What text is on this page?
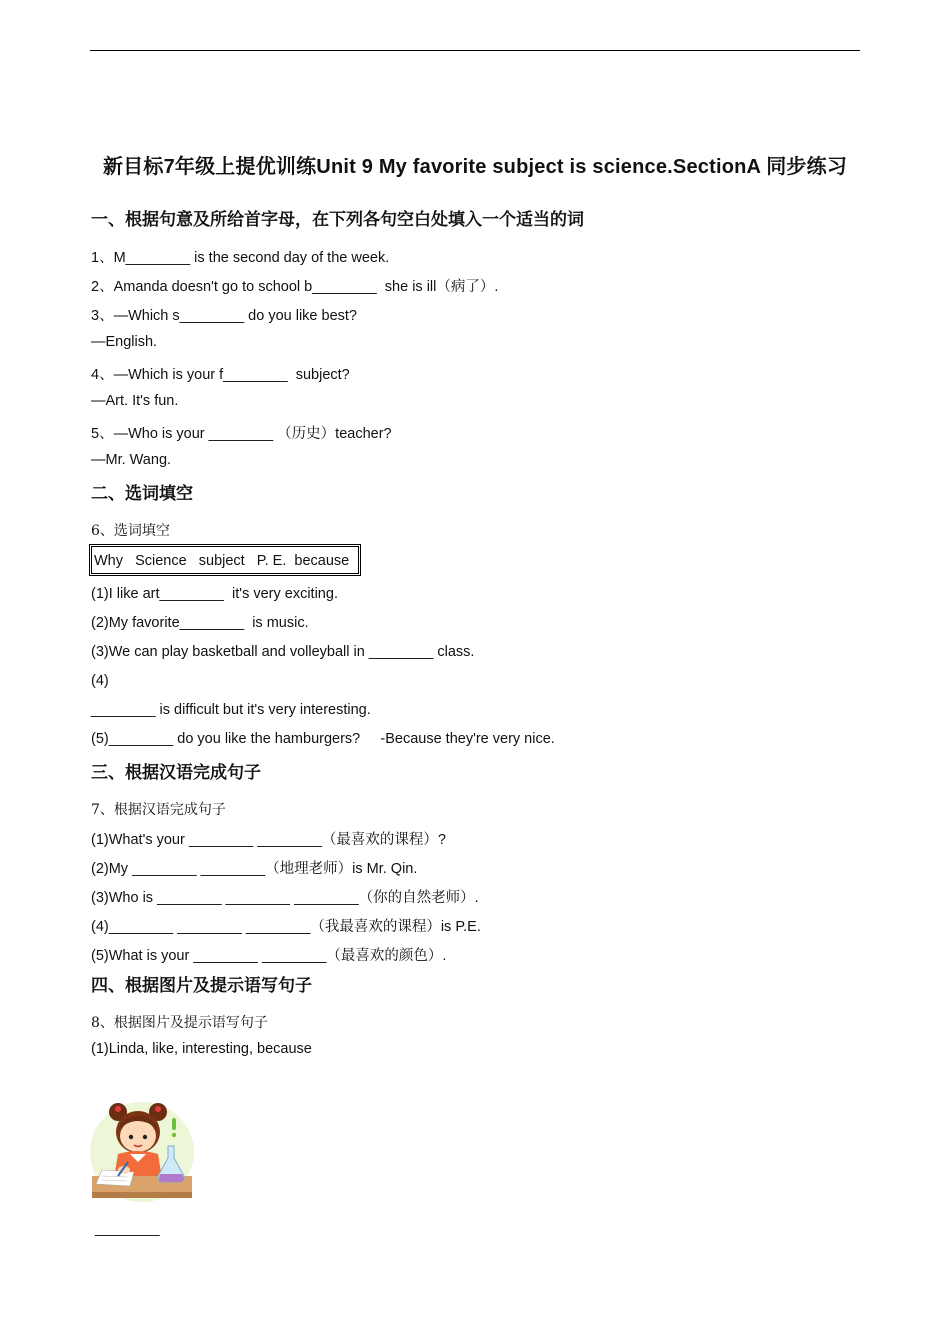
新目标7年级上提优训练Unit 9 My favorite subject is science.SectionA 同步练习
一、根据句意及所给首字母，在下列各句空白处填入一个适当的词
1、M________ is the second day of the week.
2、Amanda doesn't go to school b________  she is ill（病了）.
3、—Which s________ do you like best?
—English.
4、—Which is your f________  subject?
—Art. It's fun.
5、—Who is your ________ （历史）teacher?
—Mr. Wang.
二、选词填空
6、选词填空
Why   Science   subject   P. E.  because
(1)I like art________  it's very exciting.
(2)My favorite________  is music.
(3)We can play basketball and volleyball in ________ class.
(4)
________ is difficult but it's very interesting.
(5)________ do you like the hamburgers?     -Because they're very nice.
三、根据汉语完成句子
7、根据汉语完成句子
(1)What's your ________ ________（最喜欢的课程）?
(2)My ________ ________（地理老师）is Mr. Qin.
(3)Who is ________ ________ ________（你的自然老师）.
(4)________ ________ ________（我最喜欢的课程）is P.E.
(5)What is your ________ ________（最喜欢的颜色）.
四、根据图片及提示语写句子
8、根据图片及提示语写句子
(1)Linda, like, interesting, because
________
